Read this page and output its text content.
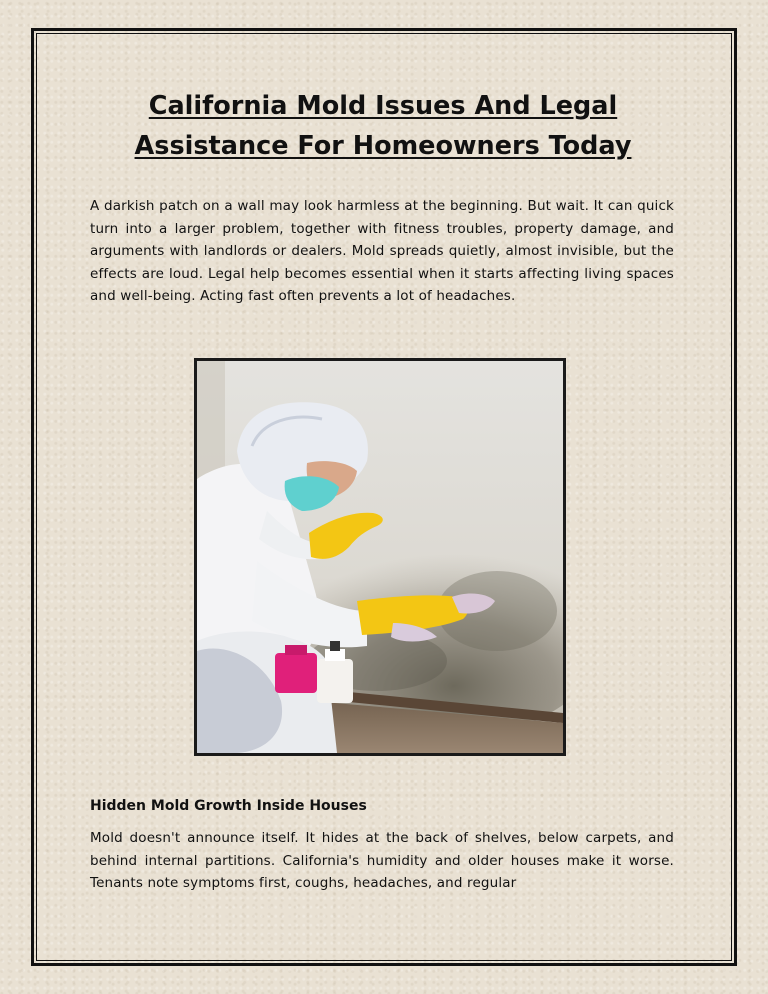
California Mold Issues And Legal Assistance For Homeowners Today

A darkish patch on a wall may look harmless at the beginning. But wait. It can quick turn into a larger problem, together with fitness troubles, property damage, and arguments with landlords or dealers. Mold spreads quietly, almost invisible, but the effects are loud. Legal help becomes essential when it starts affecting living spaces and well-being. Acting fast often prevents a lot of headaches.

Hidden Mold Growth Inside Houses

Mold doesn't announce itself. It hides at the back of shelves, below carpets, and behind internal partitions. California's humidity and older houses make it worse. Tenants note symptoms first, coughs, headaches, and regular
